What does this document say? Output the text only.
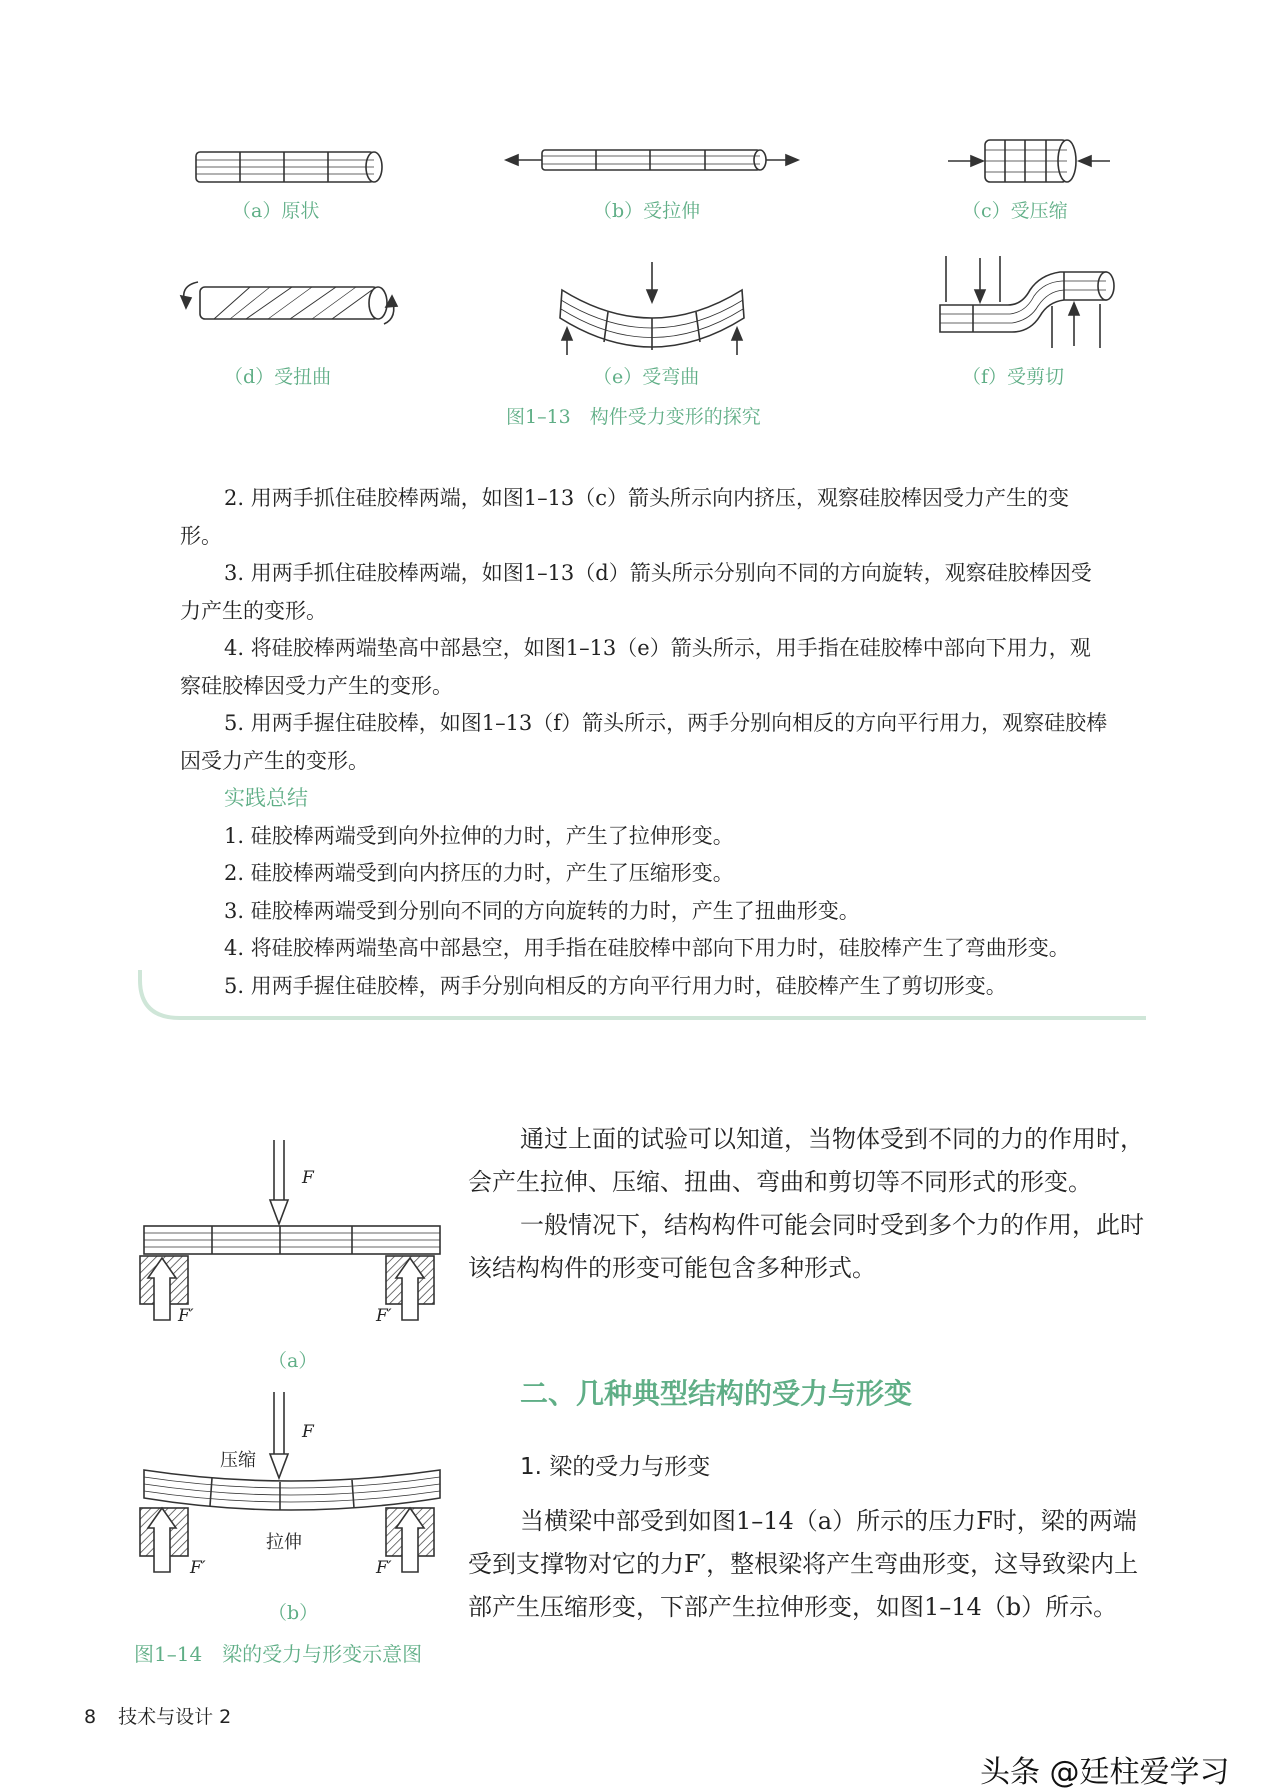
（a）原状	（b）受拉伸	（c）受压缩
（d）受扭曲	（e）受弯曲	（f）受剪切
图1–13　构件受力变形的探究

2. 用两手抓住硅胶棒两端，如图1–13（c）箭头所示向内挤压，观察硅胶棒因受力产生的变形。

3. 用两手抓住硅胶棒两端，如图1–13（d）箭头所示分别向不同的方向旋转，观察硅胶棒因受力产生的变形。

4. 将硅胶棒两端垫高中部悬空，如图1–13（e）箭头所示，用手指在硅胶棒中部向下用力，观察硅胶棒因受力产生的变形。

5. 用两手握住硅胶棒，如图1–13（f）箭头所示，两手分别向相反的方向平行用力，观察硅胶棒因受力产生的变形。

实践总结

1. 硅胶棒两端受到向外拉伸的力时，产生了拉伸形变。

2. 硅胶棒两端受到向内挤压的力时，产生了压缩形变。

3. 硅胶棒两端受到分别向不同的方向旋转的力时，产生了扭曲形变。

4. 将硅胶棒两端垫高中部悬空，用手指在硅胶棒中部向下用力时，硅胶棒产生了弯曲形变。

5. 用两手握住硅胶棒，两手分别向相反的方向平行用力时，硅胶棒产生了剪切形变。

F
F′	F′
（a）
F
压缩
拉伸
F′	F′
（b）
图1–14　梁的受力与形变示意图

通过上面的试验可以知道，当物体受到不同的力的作用时，会产生拉伸、压缩、扭曲、弯曲和剪切等不同形式的形变。

一般情况下，结构构件可能会同时受到多个力的作用，此时该结构构件的形变可能包含多种形式。

二、几种典型结构的受力与形变
1. 梁的受力与形变

当横梁中部受到如图1–14（a）所示的压力F时，梁的两端受到支撑物对它的力F′，整根梁将产生弯曲形变，这导致梁内上部产生压缩形变，下部产生拉伸形变，如图1–14（b）所示。

8 技术与设计 2
头条 @廷柱爱学习
